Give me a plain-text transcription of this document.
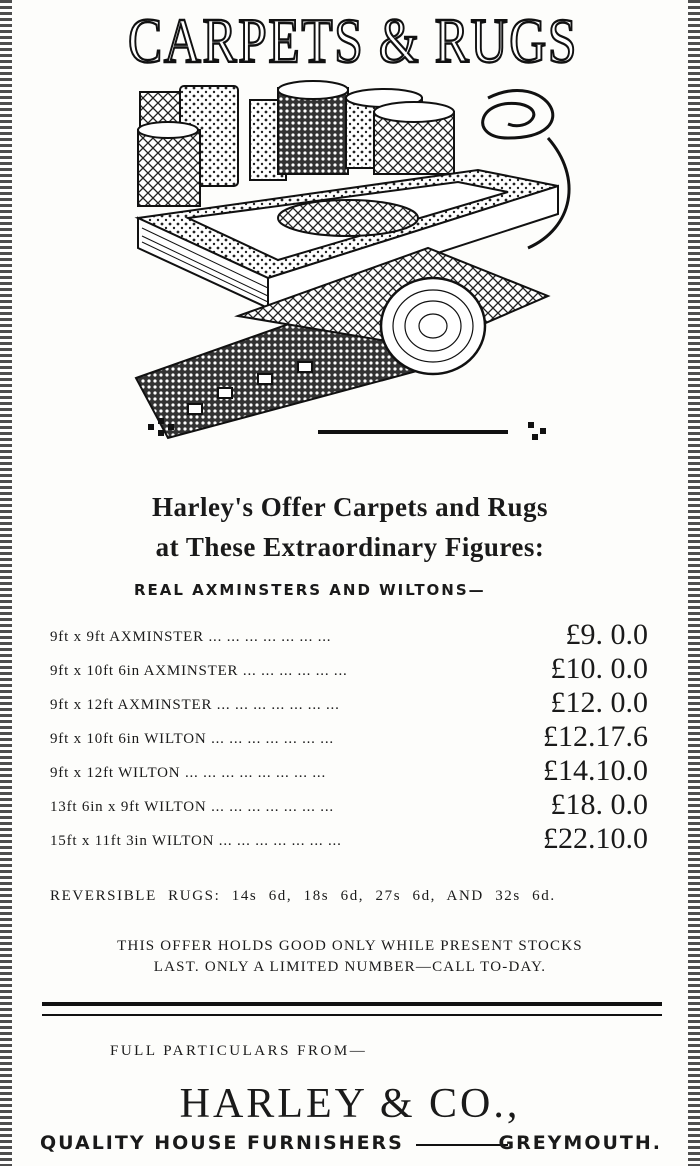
CARPETS & RUGS
Harley's Offer Carpets and Rugs
at These Extraordinary Figures:
REAL AXMINSTERS AND WILTONS—
9ft x 9ft AXMINSTER ... ... ... ... ... ... ...	£9. 0.0
9ft x 10ft 6in AXMINSTER ... ... ... ... ... ...	£10. 0.0
9ft x 12ft AXMINSTER ... ... ... ... ... ... ...	£12. 0.0
9ft x 10ft 6in WILTON ... ... ... ... ... ... ...	£12.17.6
9ft x 12ft WILTON ... ... ... ... ... ... ... ...	£14.10.0
13ft 6in x 9ft WILTON ... ... ... ... ... ... ...	£18. 0.0
15ft x 11ft 3in WILTON ... ... ... ... ... ... ...	£22.10.0
REVERSIBLE RUGS: 14s 6d, 18s 6d, 27s 6d, AND 32s 6d.
THIS OFFER HOLDS GOOD ONLY WHILE PRESENT STOCKS
LAST. ONLY A LIMITED NUMBER—CALL TO-DAY.
FULL PARTICULARS FROM—
HARLEY & CO.,
QUALITY HOUSE FURNISHERS	GREYMOUTH.
